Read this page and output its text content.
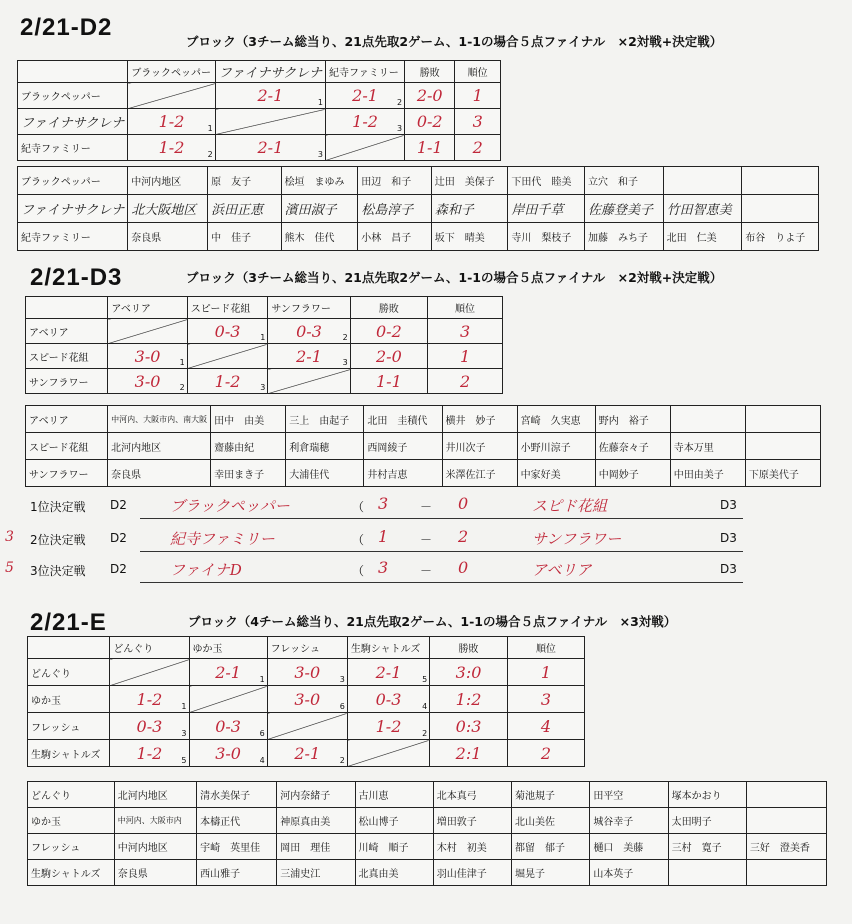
2/21-D2
ブロック（3チーム総当り、21点先取2ゲーム、1-1の場合５点ファイナル　×2対戦+決定戦）
	ブラックペッパー	ファイナサクレナ	紀寺ファミリー	勝敗	順位
ブラックペッパー		2-1 1	2-1 2	2-0	1

ファイナサクレナ	1-2 1		1-2 3	0-2	3

紀寺ファミリー	1-2 2	2-1 3		1-1	2
ブラックペッパー	中河内地区	原　友子	桧垣　まゆみ	田辺　和子	辻田　美保子	下田代　睦美	立穴　和子		
ファイナサクレナ	北大阪地区	浜田正恵	濱田淑子	松島淳子	森和子	岸田千草	佐藤登美子	竹田智恵美	
紀寺ファミリー	奈良県	中　佳子	熊木　佳代	小林　昌子	坂下　晴美	寺川　梨枝子	加藤　みち子	北田　仁美	布谷　りよ子
2/21-D3	ブロック（3チーム総当り、21点先取2ゲーム、1-1の場合５点ファイナル　×2対戦+決定戦）
	アベリア	スピード花組	サンフラワー	勝敗	順位
アベリア		0-3 1	0-3 2	0-2	3

スピード花組	3-0 1		2-1 3	2-0	1

サンフラワー	3-0 2	1-2 3		1-1	2
アベリア	中河内、大阪市内、南大阪	田中　由美	三上　由起子	北田　圭積代	横井　妙子	宮崎　久実恵	野内　裕子		
スピード花組	北河内地区	齋藤由紀	利倉瑞穂	西岡綾子	井川次子	小野川涼子	佐藤奈々子	寺本万里	
サンフラワー	奈良県	幸田まき子	大浦佳代	井村吉恵	米澤佐江子	中家好美	中岡妙子	中田由美子	下原美代子
1位決定戦 D2	ブラックペッパー	（ 3	－ 0	スピド花組	D3
3 2位決定戦 D2	紀寺ファミリー	（ 1	－ 2	サンフラワー	D3
5 3位決定戦 D2	ファイナD	（ 3	－ 0	アベリア	D3
2/21-E	ブロック（4チーム総当り、21点先取2ゲーム、1-1の場合５点ファイナル　×3対戦）
	どんぐり	ゆか玉	フレッシュ	生駒シャトルズ	勝敗	順位
どんぐり		2-1 1	3-0 3	2-1 5	3:0	1

ゆか玉	1-2 1		3-0 6	0-3 4	1:2	3

フレッシュ	0-3 3	0-3 6		1-2 2	0:3	4

生駒シャトルズ	1-2 5	3-0 4	2-1 2		2:1	2
どんぐり	北河内地区	清水美保子	河内奈緒子	古川恵	北本真弓	菊池規子	田平空	塚本かおり	
ゆか玉	中河内、大阪市内	本檮正代	神原真由美	松山博子	増田敦子	北山美佐	城谷幸子	太田明子	
フレッシュ	中河内地区	宇崎　英里佳	岡田　理佳	川崎　順子	木村　初美	都留　郁子	樋口　美藤	三村　寛子	三好　澄美香
生駒シャトルズ	奈良県	西山雅子	三浦史江	北真由美	羽山佳津子	堀晃子	山本英子		
